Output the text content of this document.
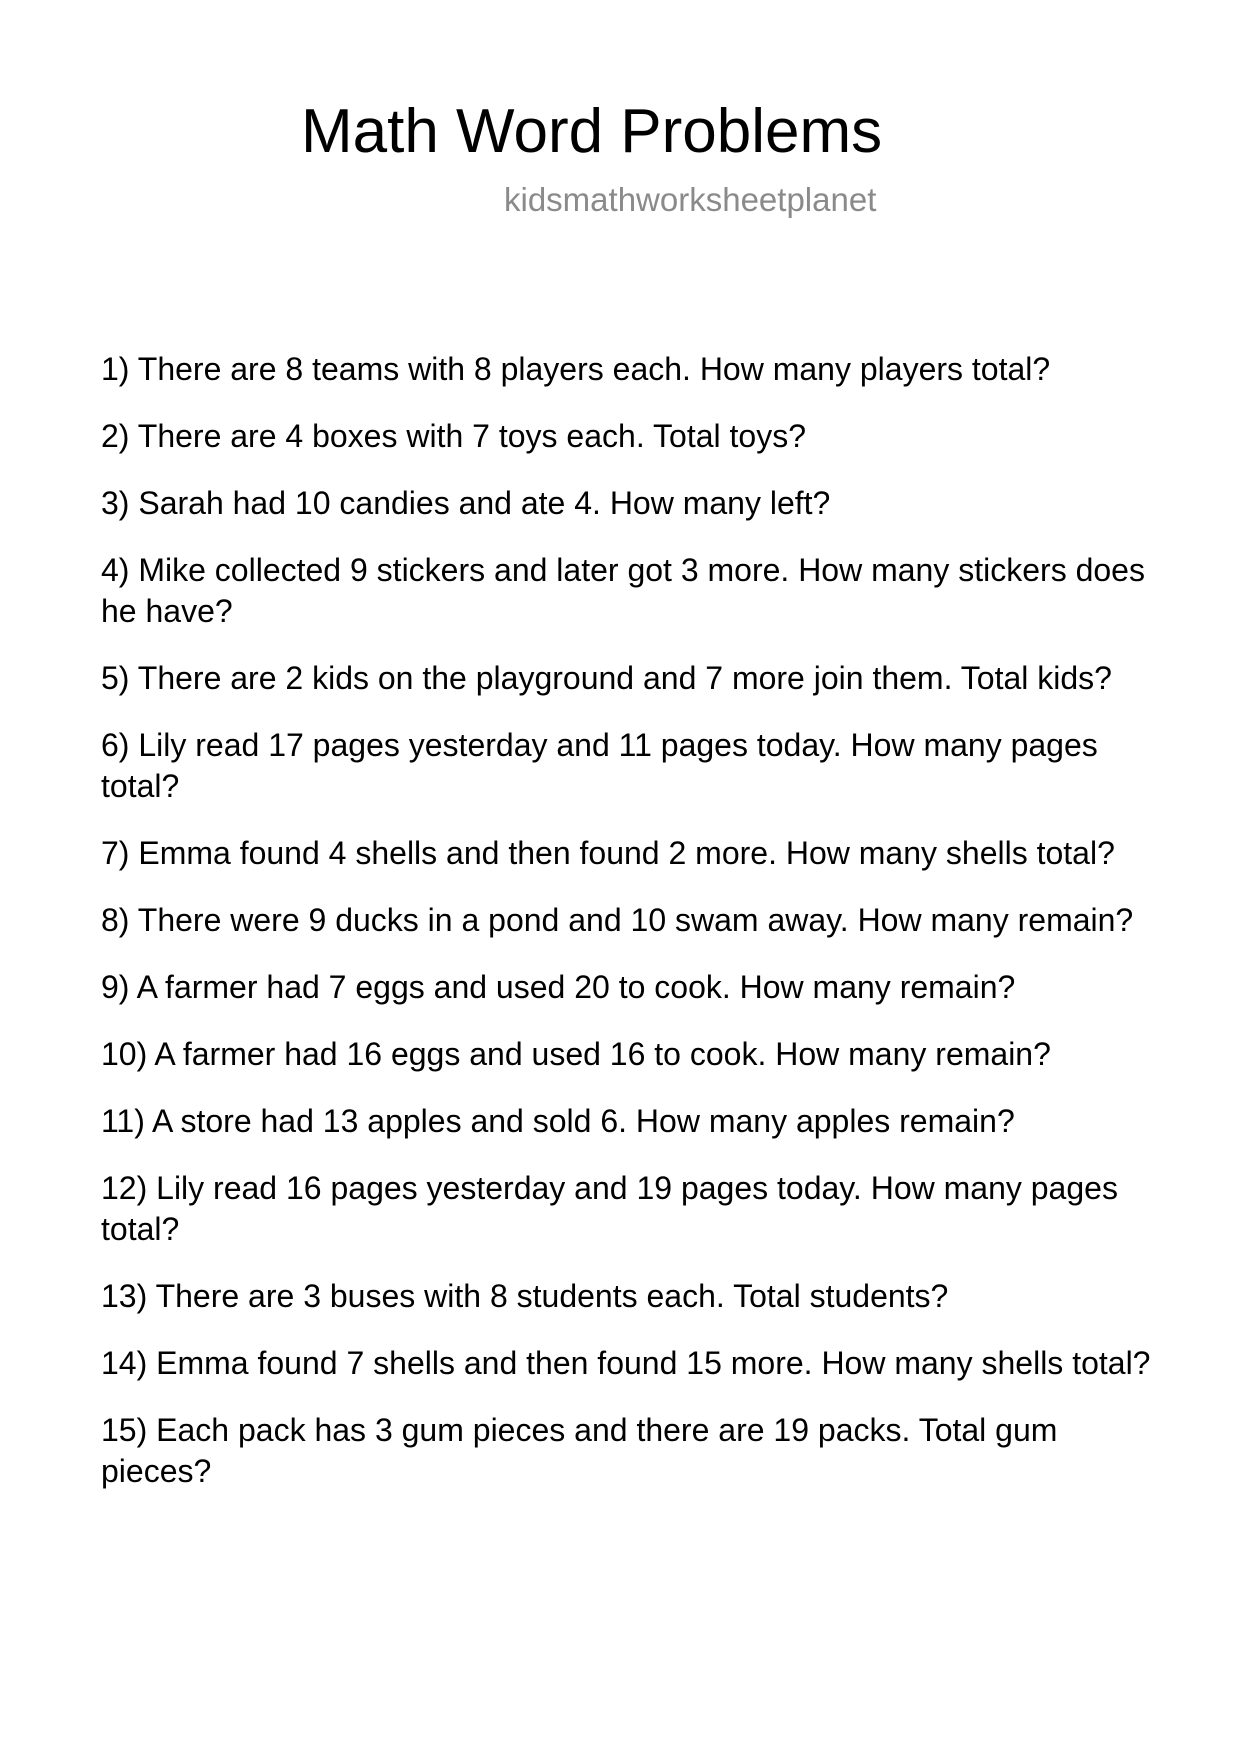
Math Word Problems
kidsmathworksheetplanet
1) There are 8 teams with 8 players each. How many players total?
2) There are 4 boxes with 7 toys each. Total toys?
3) Sarah had 10 candies and ate 4. How many left?
4) Mike collected 9 stickers and later got 3 more. How many stickers does he have?
5) There are 2 kids on the playground and 7 more join them. Total kids?
6) Lily read 17 pages yesterday and 11 pages today. How many pages total?
7) Emma found 4 shells and then found 2 more. How many shells total?
8) There were 9 ducks in a pond and 10 swam away. How many remain?
9) A farmer had 7 eggs and used 20 to cook. How many remain?
10) A farmer had 16 eggs and used 16 to cook. How many remain?
11) A store had 13 apples and sold 6. How many apples remain?
12) Lily read 16 pages yesterday and 19 pages today. How many pages total?
13) There are 3 buses with 8 students each. Total students?
14) Emma found 7 shells and then found 15 more. How many shells total?
15) Each pack has 3 gum pieces and there are 19 packs. Total gum pieces?
